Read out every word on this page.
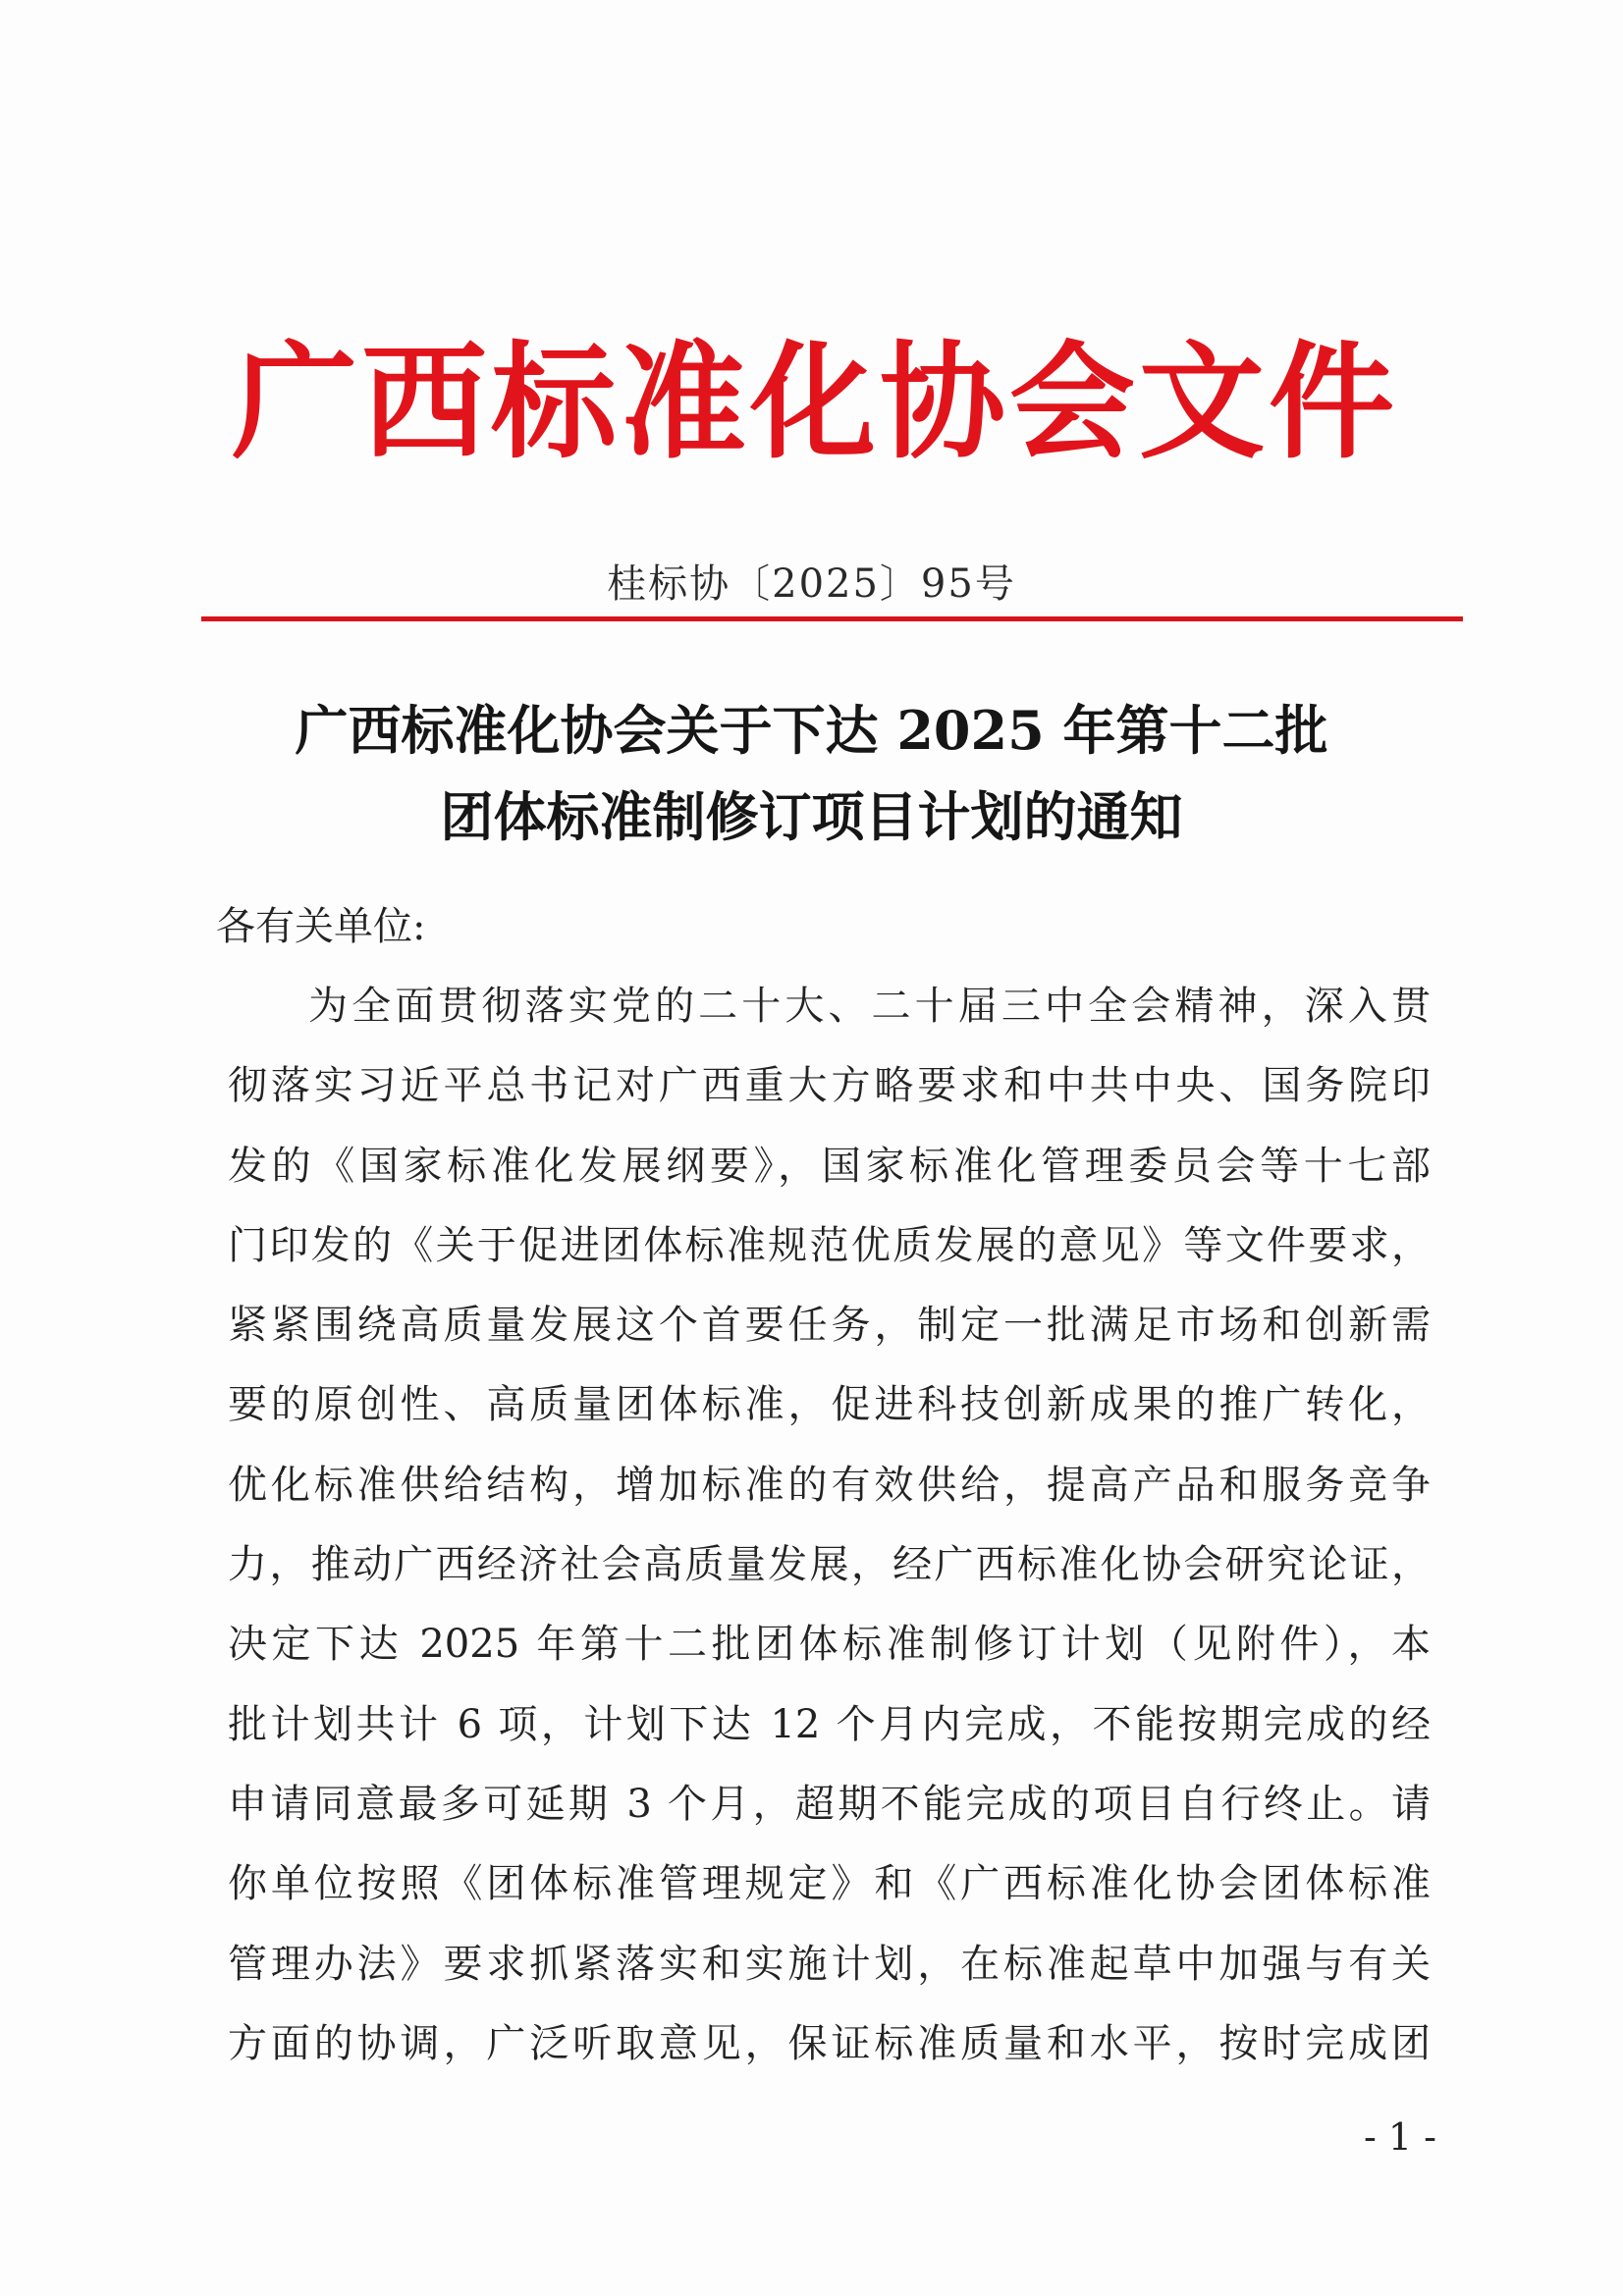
广西标准化协会文件
桂标协〔2025〕95号
广西标准化协会关于下达 2025 年第十二批
团体标准制修订项目计划的通知
各有关单位:
为全面贯彻落实党的二十大、二十届三中全会精神，深入贯
彻落实习近平总书记对广西重大方略要求和中共中央、国务院印
发的《国家标准化发展纲要》，国家标准化管理委员会等十七部
门印发的《关于促进团体标准规范优质发展的意见》等文件要求，
紧紧围绕高质量发展这个首要任务，制定一批满足市场和创新需
要的原创性、高质量团体标准，促进科技创新成果的推广转化，
优化标准供给结构，增加标准的有效供给，提高产品和服务竞争
力，推动广西经济社会高质量发展，经广西标准化协会研究论证，
决定下达 2025 年第十二批团体标准制修订计划（见附件），本
批计划共计 6 项，计划下达 12 个月内完成，不能按期完成的经
申请同意最多可延期 3 个月，超期不能完成的项目自行终止。请
你单位按照《团体标准管理规定》和《广西标准化协会团体标准
管理办法》要求抓紧落实和实施计划，在标准起草中加强与有关
方面的协调，广泛听取意见，保证标准质量和水平，按时完成团
- 1 -
